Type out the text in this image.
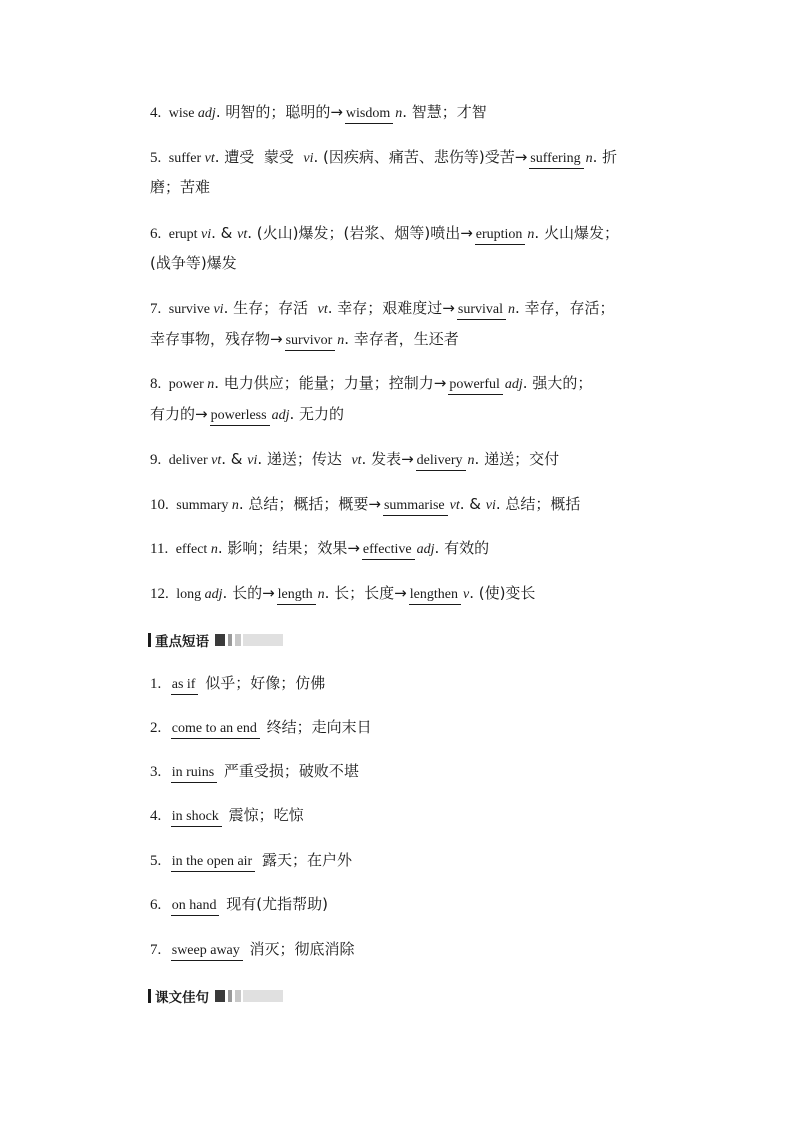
4.  wise adj. 明智的；聪明的→ wisdom n. 智慧；才智
5.  suffer vt. 遭受  蒙受  vi. (因疾病、痛苦、悲伤等)受苦→ suffering n. 折
磨；苦难
6.  erupt vi. & vt. (火山)爆发；(岩浆、烟等)喷出→ eruption n. 火山爆发；
(战争等)爆发
7.  survive vi. 生存；存活  vt. 幸存；艰难度过→ survival n. 幸存，存活；
幸存事物，残存物→ survivor n. 幸存者，生还者
8.  power n. 电力供应；能量；力量；控制力→ powerful adj. 强大的；
有力的→ powerless adj. 无力的
9.  deliver vt. & vi. 递送；传达  vt. 发表→ delivery n. 递送；交付
10.  summary n. 总结；概括；概要→ summarise vt. & vi. 总结；概括
11.  effect n. 影响；结果；效果→ effective adj. 有效的
12.  long adj. 长的→ length n. 长；长度→ lengthen v. (使)变长
重点短语
1.  as if 似乎；好像；仿佛
2.  come to an end 终结；走向末日
3.  in ruins 严重受损；破败不堪
4.  in shock 震惊；吃惊
5.  in the open air 露天；在户外
6.  on hand 现有(尤指帮助)
7.  sweep away 消灭；彻底消除
课文佳句
